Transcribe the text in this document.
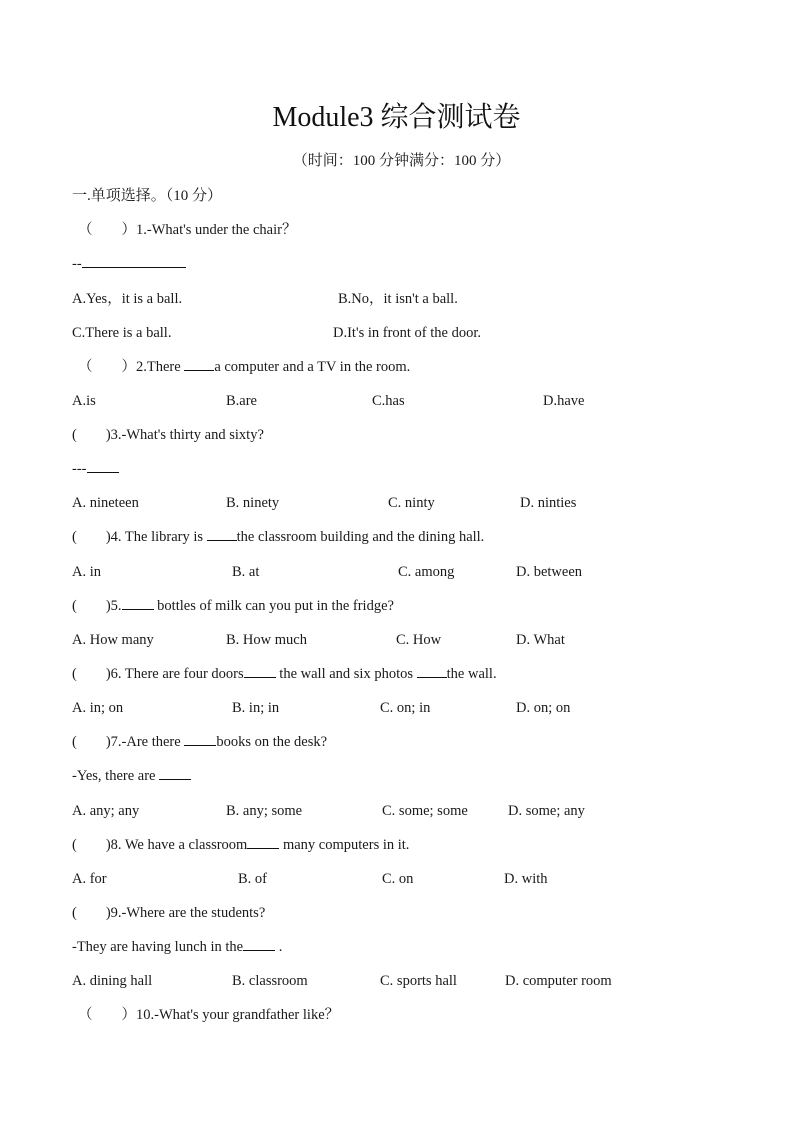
Module3 综合测试卷
（时间：100 分钟满分：100 分）
一.单项选择。（10 分）
（　　）1.-What's under the chair？
--
A.Yes，it is a ball.	B.No，it isn't a ball.
C.There is a ball.	D.It's in front of the door.
（　　）2.There a computer and a TV in the room.
A.is	B.are	C.has	D.have
(　　)3.-What's thirty and sixty?
---
A. nineteen	B. ninety	C. ninty	D. ninties
(　　)4. The library is the classroom building and the dining hall.
A. in	B. at	C. among	D. between
(　　)5. bottles of milk can you put in the fridge?
A. How many	B. How much	C. How	D. What
(　　)6. There are four doors the wall and six photos the wall.
A. in; on	B. in; in	C. on; in	D. on; on
(　　)7.-Are there books on the desk?
-Yes, there are
A. any; any	B. any; some	C. some; some	D. some; any
(　　)8. We have a classroom many computers in it.
A. for	B. of	C. on	D. with
(　　)9.-Where are the students?
-They are having lunch in the .
A. dining hall	B. classroom	C. sports hall	D. computer room
（　　）10.-What's your grandfather like？
